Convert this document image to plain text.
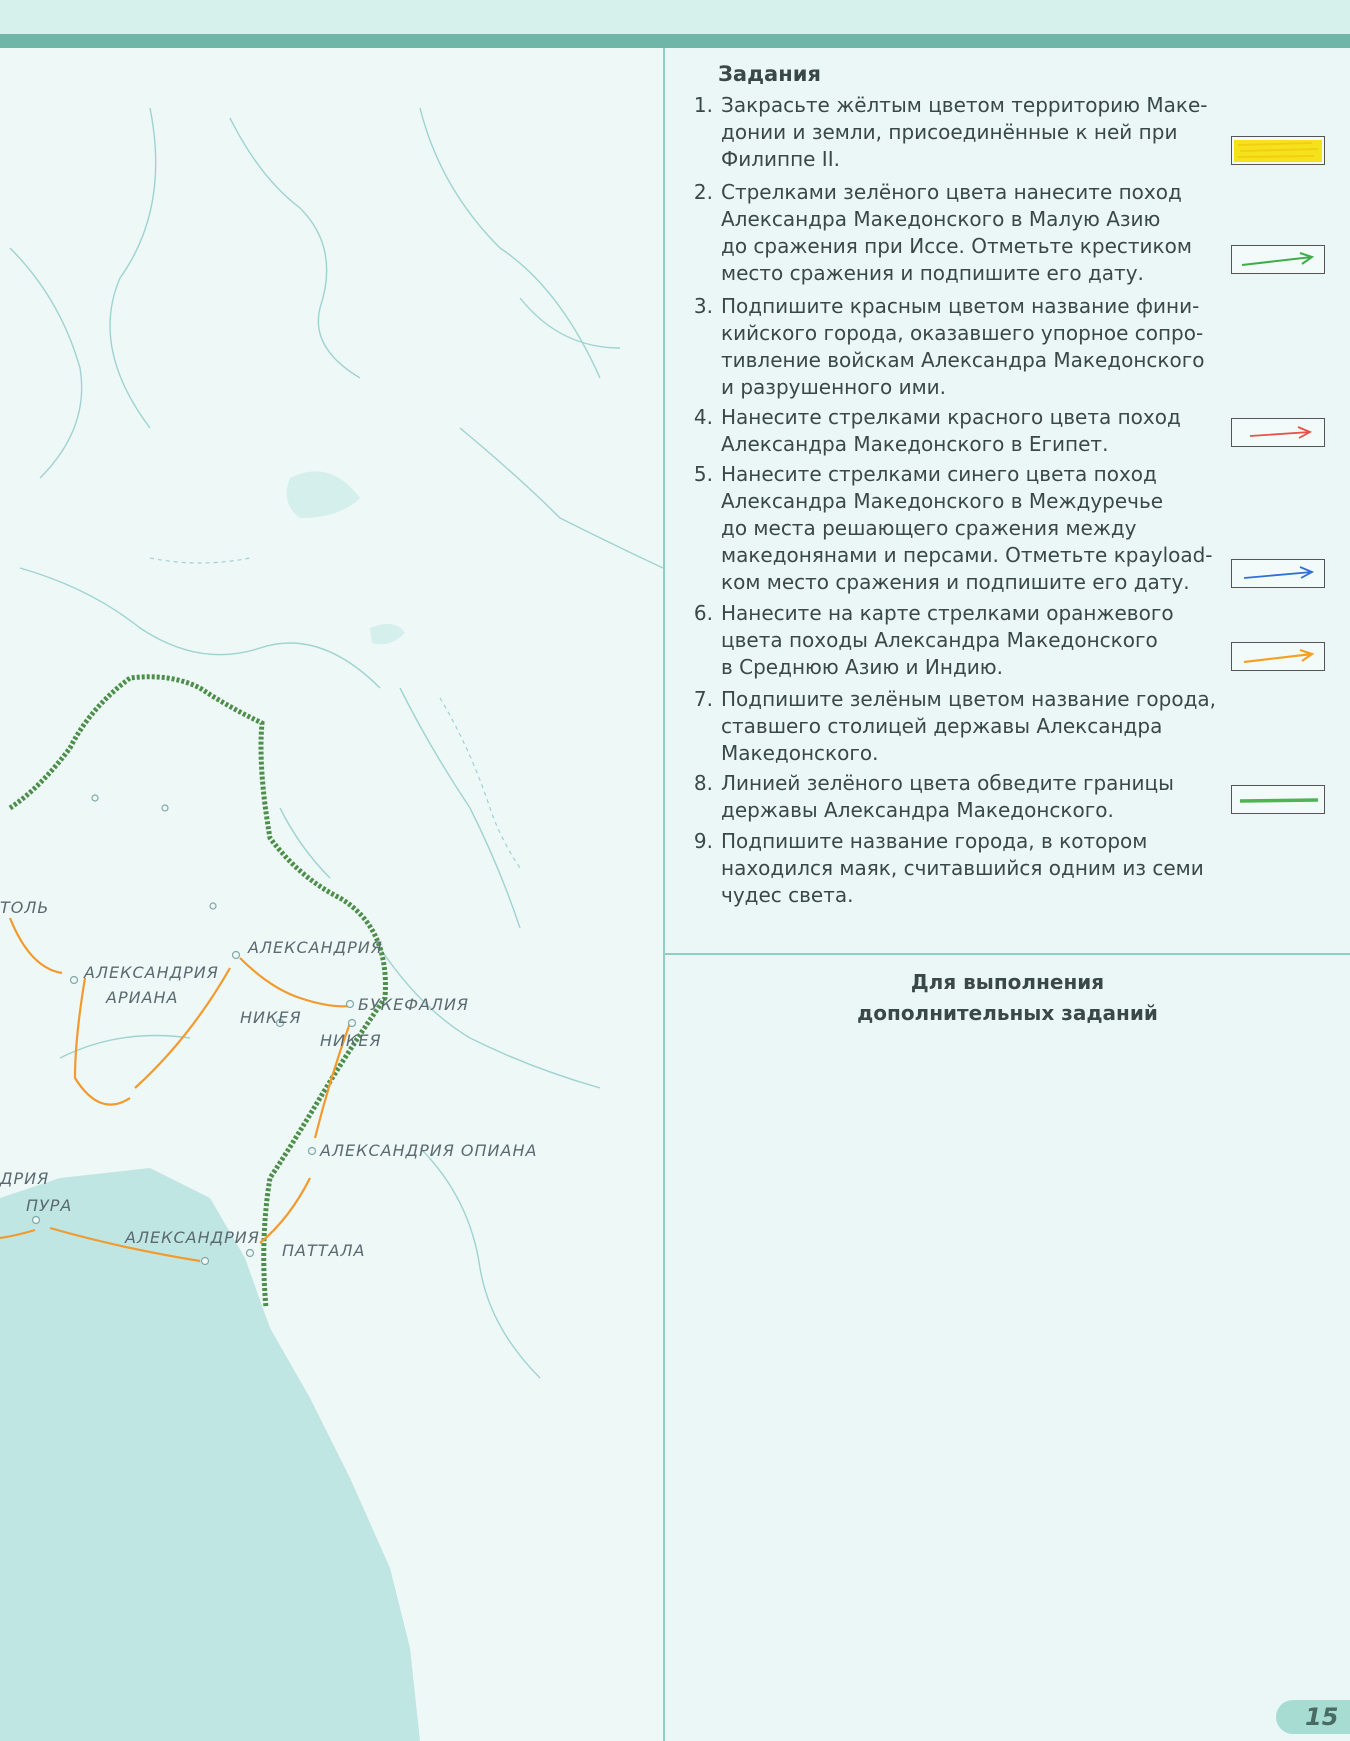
ТОЛЬ
АЛЕКСАНДРИЯ
АРИАНА
АЛЕКСАНДРИЯ
НИКЕЯ
НИКЕЯ
БУКЕФАЛИЯ
АЛЕКСАНДРИЯ ОПИАНА
ДРИЯ
ПУРА
АЛЕКСАНДРИЯ
ПАТТАЛА
Задания
1. Закрасьте жёлтым цветом территорию Маке-
донии и земли, присоединённые к ней при
Филиппе II.
2. Стрелками зелёного цвета нанесите поход
Александра Македонского в Малую Азию
до сражения при Иссе. Отметьте крестиком
место сражения и подпишите его дату.
3. Подпишите красным цветом название фини-
кийского города, оказавшего упорное сопро-
тивление войскам Александра Македонского
и разрушенного ими.
4. Нанесите стрелками красного цвета поход
Александра Македонского в Египет.
5. Нанесите стрелками синего цвета поход
Александра Македонского в Междуречье
до места решающего сражения между
македонянами и персами. Отметьте кpayload-
ком место сражения и подпишите его дату.
6. Нанесите на карте стрелками оранжевого
цвета походы Александра Македонского
в Среднюю Азию и Индию.
7. Подпишите зелёным цветом название города,
ставшего столицей державы Александра
Македонского.
8. Линией зелёного цвета обведите границы
державы Александра Македонского.
9. Подпишите название города, в котором
находился маяк, считавшийся одним из семи
чудес света.
Для выполнения
дополнительных заданий
15
